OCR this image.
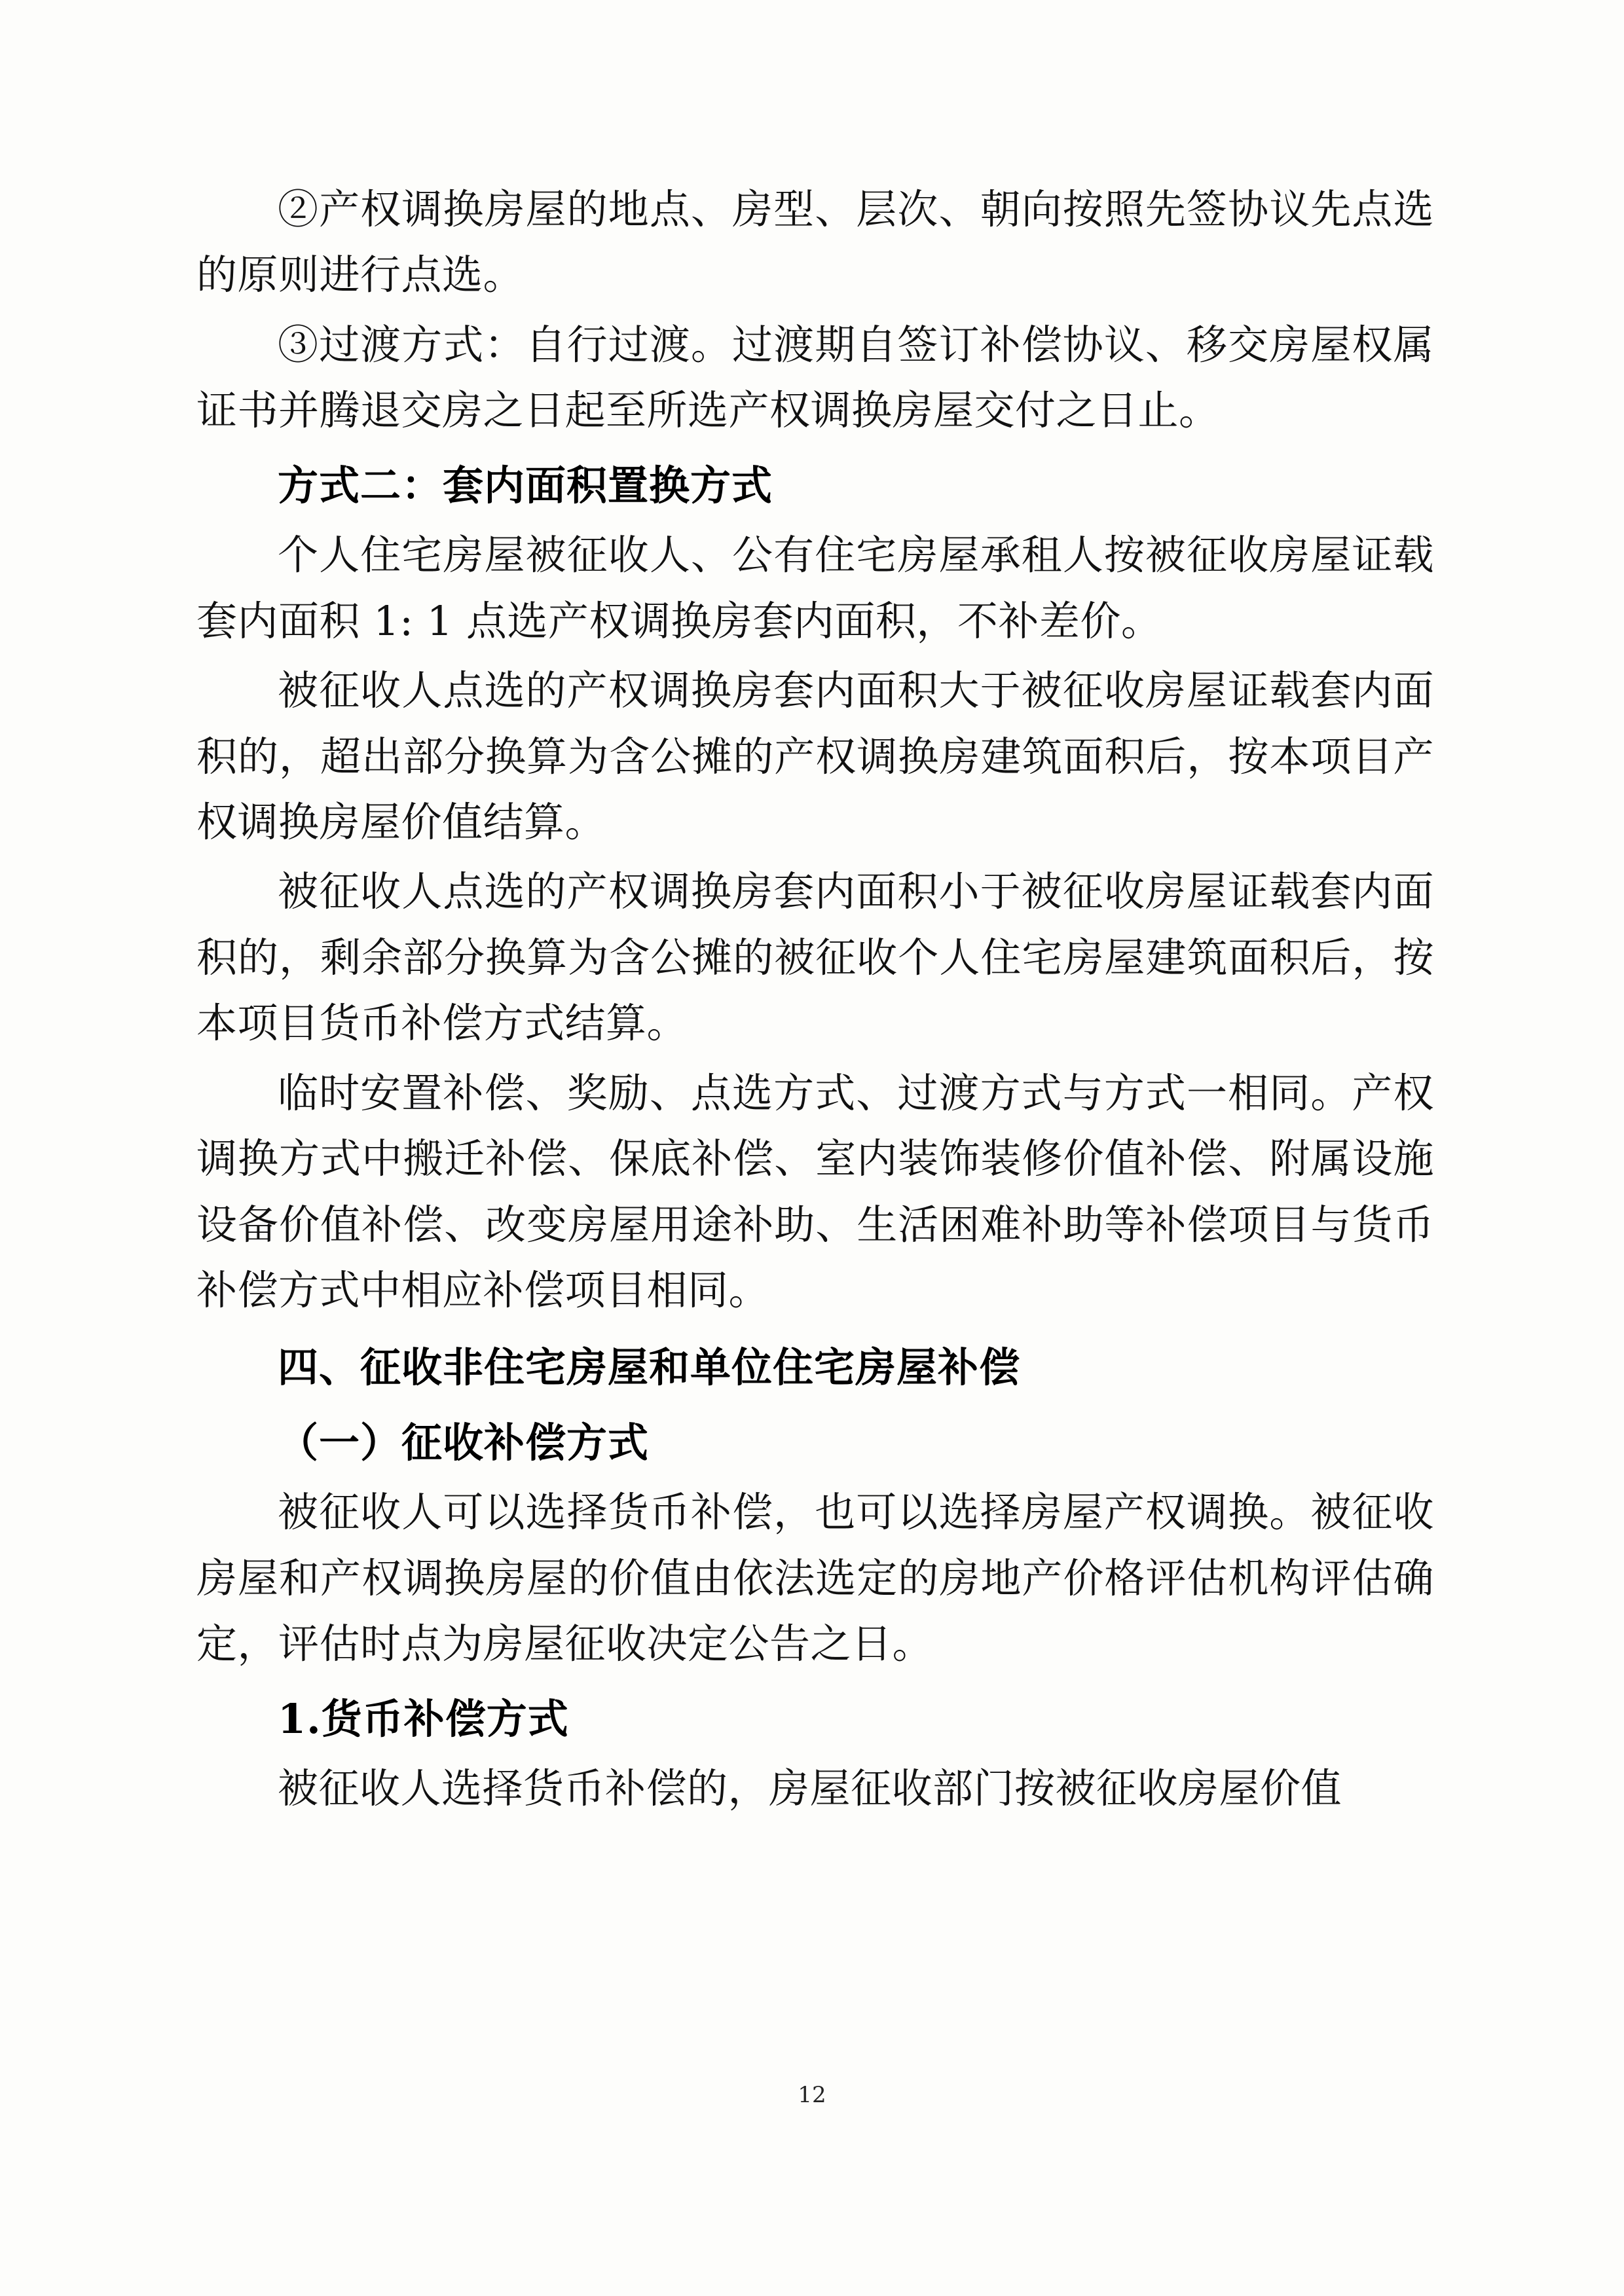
②产权调换房屋的地点、房型、层次、朝向按照先签协议先点选的原则进行点选。

③过渡方式：自行过渡。过渡期自签订补偿协议、移交房屋权属证书并腾退交房之日起至所选产权调换房屋交付之日止。

方式二：套内面积置换方式

个人住宅房屋被征收人、公有住宅房屋承租人按被征收房屋证载套内面积 1: 1 点选产权调换房套内面积，不补差价。

被征收人点选的产权调换房套内面积大于被征收房屋证载套内面积的，超出部分换算为含公摊的产权调换房建筑面积后，按本项目产权调换房屋价值结算。

被征收人点选的产权调换房套内面积小于被征收房屋证载套内面积的，剩余部分换算为含公摊的被征收个人住宅房屋建筑面积后，按本项目货币补偿方式结算。

临时安置补偿、奖励、点选方式、过渡方式与方式一相同。产权调换方式中搬迁补偿、保底补偿、室内装饰装修价值补偿、附属设施设备价值补偿、改变房屋用途补助、生活困难补助等补偿项目与货币补偿方式中相应补偿项目相同。

四、征收非住宅房屋和单位住宅房屋补偿

（一）征收补偿方式

被征收人可以选择货币补偿，也可以选择房屋产权调换。被征收房屋和产权调换房屋的价值由依法选定的房地产价格评估机构评估确定，评估时点为房屋征收决定公告之日。

1.货币补偿方式

被征收人选择货币补偿的，房屋征收部门按被征收房屋价值

12
